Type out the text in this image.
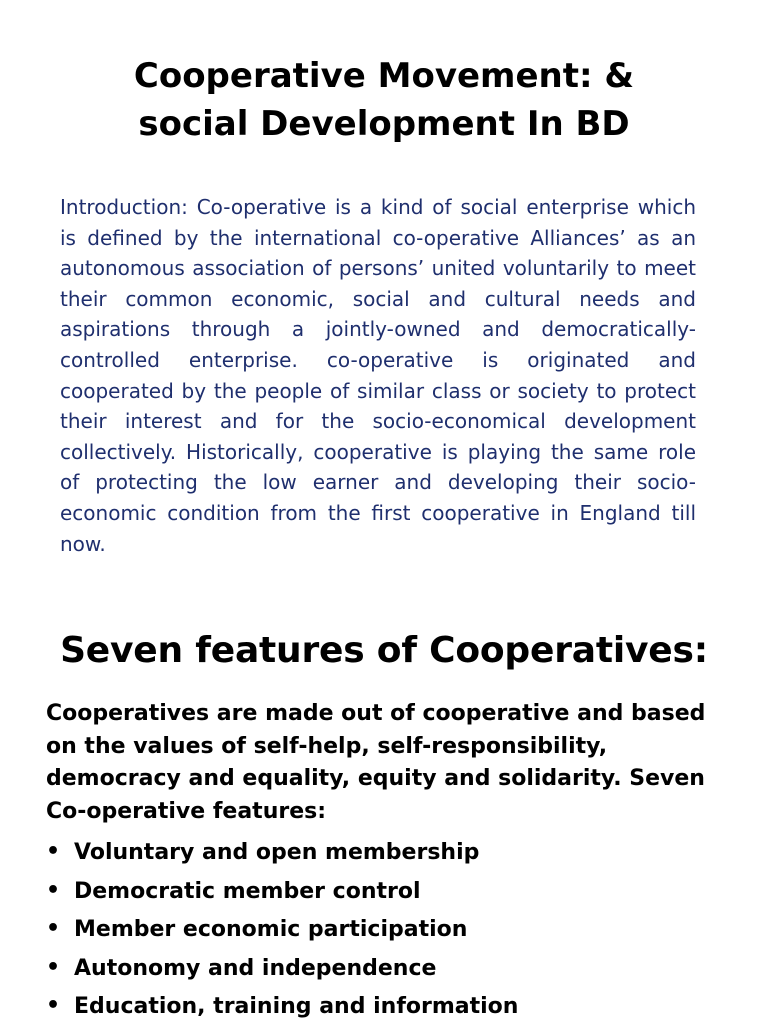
Cooperative Movement: &
social Development In BD

Introduction: Co-operative is a kind of social enterprise which is defined by the international co-operative Alliances’ as an autonomous association of persons’ united voluntarily to meet their common economic, social and cultural needs and aspirations through a jointly-owned and democratically-controlled enterprise. co-operative is originated and cooperated by the people of similar class or society to protect their interest and for the socio-economical development collectively. Historically, cooperative is playing the same role of protecting the low earner and developing their socio-economic condition from the first cooperative in England till now.

Seven features of Cooperatives:

Cooperatives are made out of cooperative and based on the values of self-help, self-responsibility, democracy and equality, equity and solidarity. Seven Co-operative features:

• Voluntary and open membership
• Democratic member control
• Member economic participation
• Autonomy and independence
• Education, training and information
